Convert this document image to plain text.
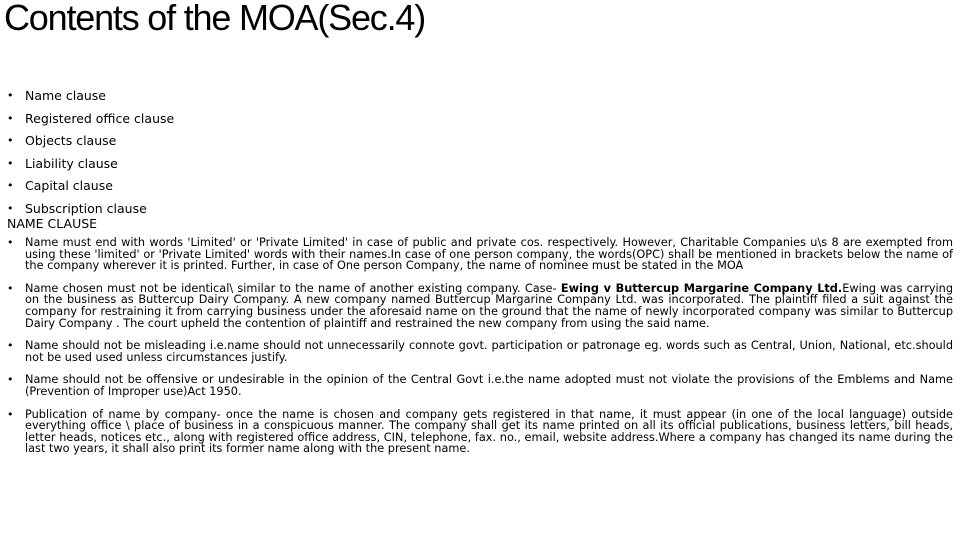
Contents of the MOA(Sec.4)
• Name clause
• Registered office clause
• Objects clause
• Liability clause
• Capital clause
• Subscription clause
NAME CLAUSE
• Name must end with words 'Limited' or 'Private Limited' in case of public and private cos. respectively. However, Charitable Companies u\s 8 are exempted from using these 'limited' or 'Private Limited' words with their names.In case of one person company, the words(OPC) shall be mentioned in brackets below the name of the company wherever it is printed. Further, in case of One person Company, the name of nominee must be stated in the MOA
• Name chosen must not be identical\ similar to the name of another existing company. Case- Ewing v Buttercup Margarine Company Ltd.Ewing was carrying on the business as Buttercup Dairy Company. A new company named Buttercup Margarine Company Ltd. was incorporated. The plaintiff filed a suit against the company for restraining it from carrying business under the aforesaid name on the ground that the name of newly incorporated company was similar to Buttercup Dairy Company . The court upheld the contention of plaintiff and restrained the new company from using the said name.
• Name should not be misleading i.e.name should not unnecessarily connote govt. participation or patronage eg. words such as Central, Union, National, etc.should not be used used unless circumstances justify.
• Name should not be offensive or undesirable in the opinion of the Central Govt i.e.the name adopted must not violate the provisions of the Emblems and Name (Prevention of Improper use)Act 1950.
• Publication of name by company- once the name is chosen and company gets registered in that name, it must appear (in one of the local language) outside everything office \ place of business in a conspicuous manner. The company shall get its name printed on all its official publications, business letters, bill heads, letter heads, notices etc., along with registered office address, CIN, telephone, fax. no., email, website address.Where a company has changed its name during the last two years, it shall also print its former name along with the present name.
